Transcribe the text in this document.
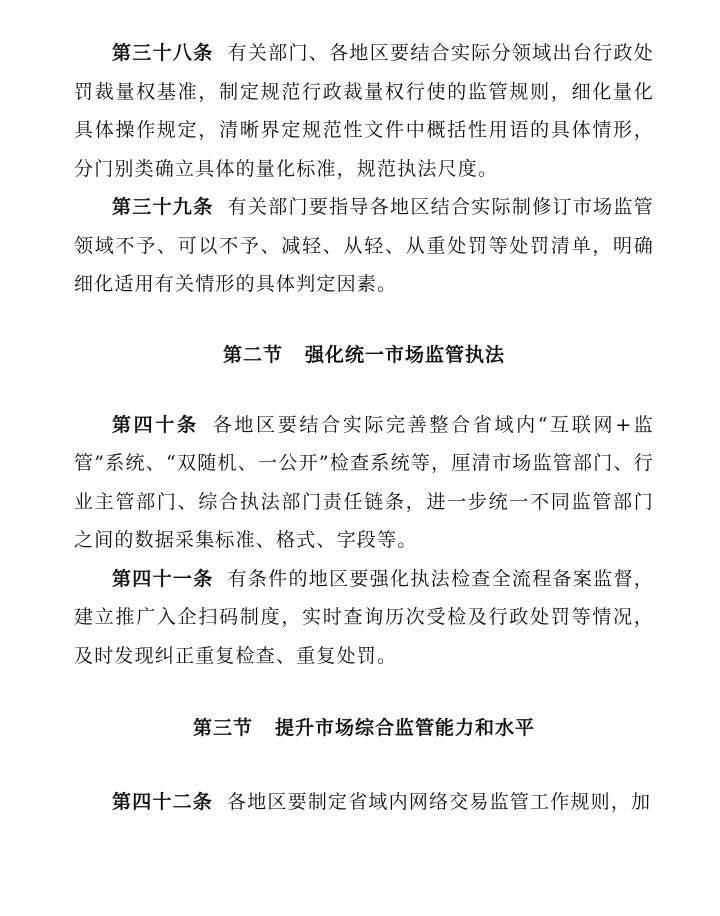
第三十八条 有关部门、各地区要结合实际分领域出台行政处罚裁量权基准，制定规范行政裁量权行使的监管规则，细化量化具体操作规定，清晰界定规范性文件中概括性用语的具体情形，分门别类确立具体的量化标准，规范执法尺度。

第三十九条 有关部门要指导各地区结合实际制修订市场监管领域不予、可以不予、减轻、从轻、从重处罚等处罚清单，明确细化适用有关情形的具体判定因素。

第二节 强化统一市场监管执法

第四十条 各地区要结合实际完善整合省域内“互联网+监管”系统、“双随机、一公开”检查系统等，厘清市场监管部门、行业主管部门、综合执法部门责任链条，进一步统一不同监管部门之间的数据采集标准、格式、字段等。

第四十一条 有条件的地区要强化执法检查全流程备案监督，建立推广入企扫码制度，实时查询历次受检及行政处罚等情况，及时发现纠正重复检查、重复处罚。

第三节 提升市场综合监管能力和水平

第四十二条 各地区要制定省域内网络交易监管工作规则，加
